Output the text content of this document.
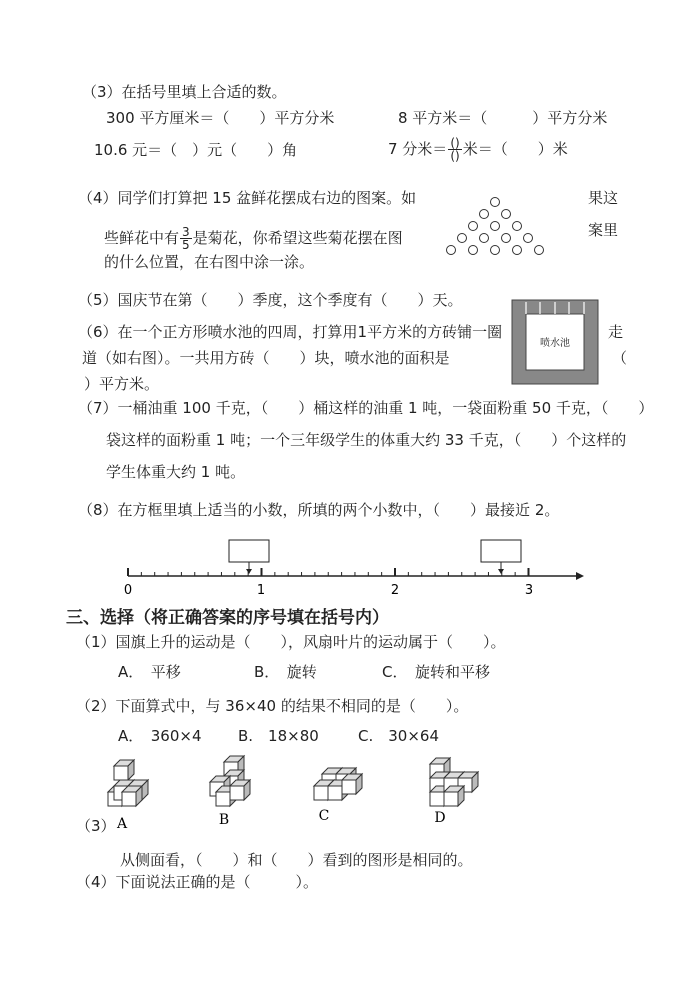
（3）在括号里填上合适的数。
300 平方厘米＝（　　）平方分米	8 平方米＝（　　　）平方分米
10.6 元＝（　）元（　　）角	7 分米＝ $\frac{()}{()}$ 米＝（　　）米
（4）同学们打算把 15 盆鲜花摆成右边的图案。如	果这
些鲜花中有 $\frac{3}{5}$ 是菊花，你希望这些菊花摆在图	案里
的什么位置，在右图中涂一涂。
（5）国庆节在第（　　）季度，这个季度有（　　）天。
（6）在一个正方形喷水池的四周，打算用1平方米的方砖铺一圈	走
道（如右图）。一共用方砖（　　）块，喷水池的面积是	（
）平方米。
喷水池
（7）一桶油重 100 千克，（　　）桶这样的油重 1 吨，一袋面粉重 50 千克，（　　）
袋这样的面粉重 1 吨；一个三年级学生的体重大约 33 千克，（　　）个这样的
学生体重大约 1 吨。
（8）在方框里填上适当的小数，所填的两个小数中，（　　）最接近 2。
0	1	2	3
三、选择（将正确答案的序号填在括号内）
（1）国旗上升的运动是（　　），风扇叶片的运动属于（　　）。
A．　平移	B．　旋转	C．　旋转和平移
（2）下面算式中，与 36×40 的结果不相同的是（　　）。
A．　360×4 B.　18×80	C.　30×64
（3） A	B	C	D
从侧面看，（　　）和（　　）看到的图形是相同的。
（4）下面说法正确的是（　　　）。
